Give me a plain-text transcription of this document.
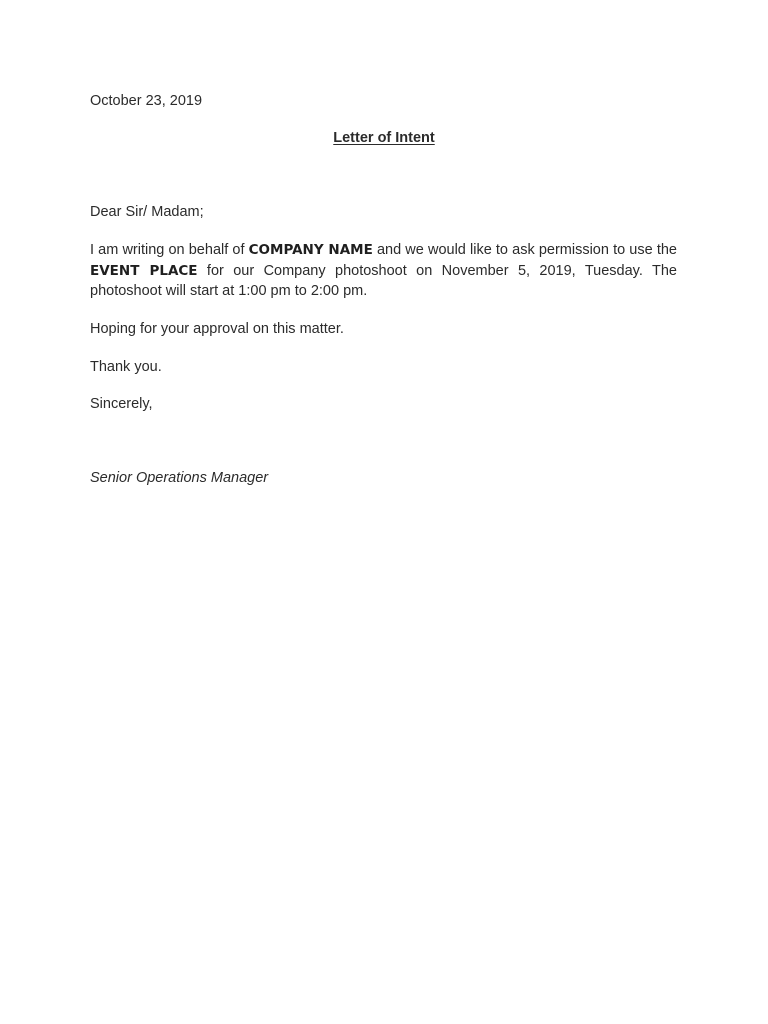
October 23, 2019
Letter of Intent
Dear Sir/ Madam;
I am writing on behalf of COMPANY NAME and we would like to ask permission to use the EVENT PLACE for our Company photoshoot on November 5, 2019, Tuesday. The photoshoot will start at 1:00 pm to 2:00 pm.
Hoping for your approval on this matter.
Thank you.
Sincerely,
Senior Operations Manager
